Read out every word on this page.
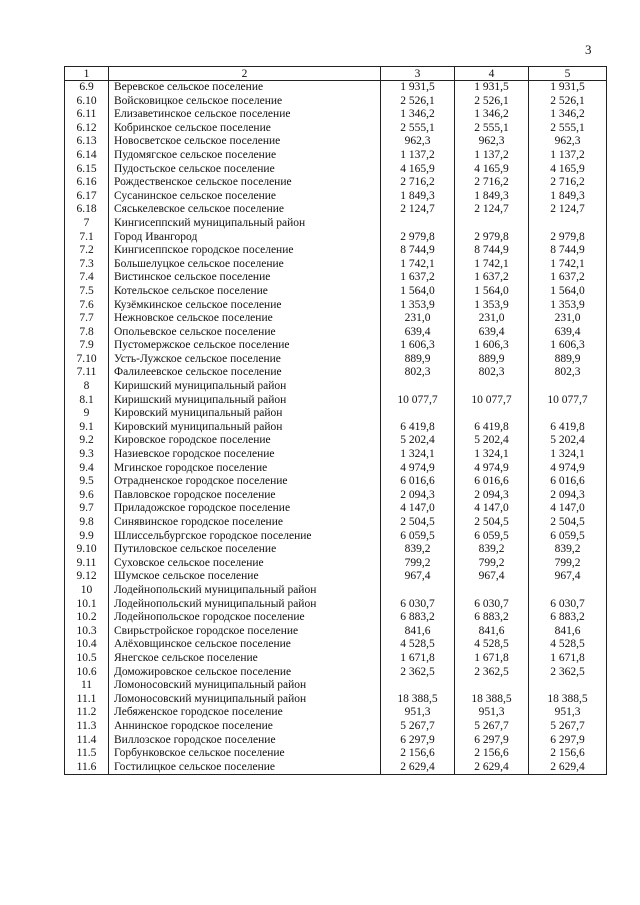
3
1	2	3	4	5
6.9	Веревское сельское поселение	1 931,5	1 931,5	1 931,5
6.10	Войсковицкое сельское поселение	2 526,1	2 526,1	2 526,1
6.11	Елизаветинское сельское поселение	1 346,2	1 346,2	1 346,2
6.12	Кобринское сельское поселение	2 555,1	2 555,1	2 555,1
6.13	Новосветское сельское поселение	962,3	962,3	962,3
6.14	Пудомягское сельское поселение	1 137,2	1 137,2	1 137,2
6.15	Пудостьское сельское поселение	4 165,9	4 165,9	4 165,9
6.16	Рождественское сельское поселение	2 716,2	2 716,2	2 716,2
6.17	Сусанинское сельское поселение	1 849,3	1 849,3	1 849,3
6.18	Сяськелевское сельское поселение	2 124,7	2 124,7	2 124,7
7	Кингисеппский муниципальный район			
7.1	Город Ивангород	2 979,8	2 979,8	2 979,8
7.2	Кингисеппское городское поселение	8 744,9	8 744,9	8 744,9
7.3	Большелуцкое сельское поселение	1 742,1	1 742,1	1 742,1
7.4	Вистинское сельское поселение	1 637,2	1 637,2	1 637,2
7.5	Котельское сельское поселение	1 564,0	1 564,0	1 564,0
7.6	Кузёмкинское сельское поселение	1 353,9	1 353,9	1 353,9
7.7	Нежновское сельское поселение	231,0	231,0	231,0
7.8	Опольевское сельское поселение	639,4	639,4	639,4
7.9	Пустомержское сельское поселение	1 606,3	1 606,3	1 606,3
7.10	Усть-Лужское сельское поселение	889,9	889,9	889,9
7.11	Фалилеевское сельское поселение	802,3	802,3	802,3
8	Киришский муниципальный район			
8.1	Киришский муниципальный район	10 077,7	10 077,7	10 077,7
9	Кировский муниципальный район			
9.1	Кировский муниципальный район	6 419,8	6 419,8	6 419,8
9.2	Кировское городское поселение	5 202,4	5 202,4	5 202,4
9.3	Назиевское городское поселение	1 324,1	1 324,1	1 324,1
9.4	Мгинское городское поселение	4 974,9	4 974,9	4 974,9
9.5	Отрадненское городское поселение	6 016,6	6 016,6	6 016,6
9.6	Павловское городское поселение	2 094,3	2 094,3	2 094,3
9.7	Приладожское городское поселение	4 147,0	4 147,0	4 147,0
9.8	Синявинское городское поселение	2 504,5	2 504,5	2 504,5
9.9	Шлиссельбургское городское поселение	6 059,5	6 059,5	6 059,5
9.10	Путиловское сельское поселение	839,2	839,2	839,2
9.11	Суховское сельское поселение	799,2	799,2	799,2
9.12	Шумское сельское поселение	967,4	967,4	967,4
10	Лодейнопольский муниципальный район			
10.1	Лодейнопольский муниципальный район	6 030,7	6 030,7	6 030,7
10.2	Лодейнопольское городское поселение	6 883,2	6 883,2	6 883,2
10.3	Свирьстройское городское поселение	841,6	841,6	841,6
10.4	Алёховщинское сельское поселение	4 528,5	4 528,5	4 528,5
10.5	Янегское сельское поселение	1 671,8	1 671,8	1 671,8
10.6	Доможировское сельское поселение	2 362,5	2 362,5	2 362,5
11	Ломоносовский муниципальный район			
11.1	Ломоносовский муниципальный район	18 388,5	18 388,5	18 388,5
11.2	Лебяженское городское поселение	951,3	951,3	951,3
11.3	Аннинское городское поселение	5 267,7	5 267,7	5 267,7
11.4	Виллозское городское поселение	6 297,9	6 297,9	6 297,9
11.5	Горбунковское сельское поселение	2 156,6	2 156,6	2 156,6
11.6	Гостилицкое сельское поселение	2 629,4	2 629,4	2 629,4
